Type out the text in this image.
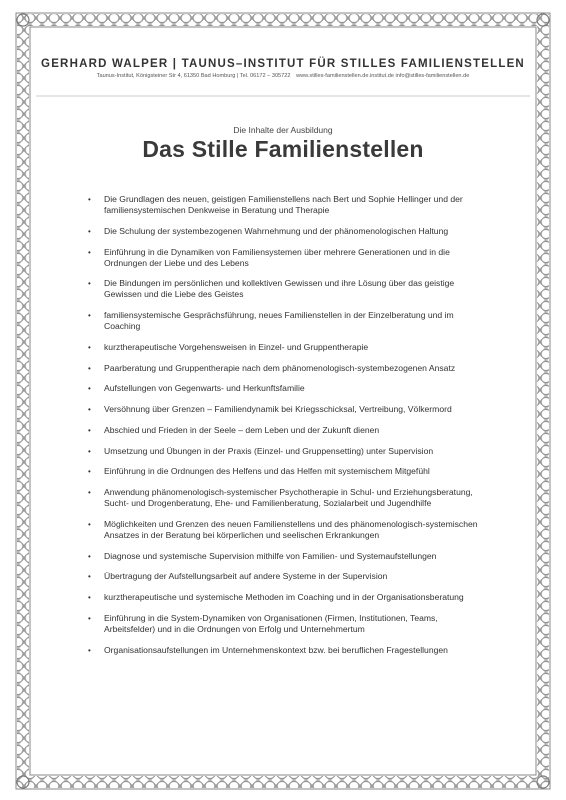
GERHARD WALPER | TAUNUS–INSTITUT FÜR STILLES FAMILIENSTELLEN
Taunus-Institut, Königsteiner Str 4, 61350 Bad Homburg | Tel. 06172 – 305722 www.stilles-familienstellen.de.institut.de info@stilles-familienstellen.de
Die Inhalte der Ausbildung
Das Stille Familienstellen
• Die Grundlagen des neuen, geistigen Familienstellens nach Bert und Sophie Hellinger und der familiensystemischen Denkweise in Beratung und Therapie
• Die Schulung der systembezogenen Wahrnehmung und der phänomenologischen Haltung
• Einführung in die Dynamiken von Familiensystemen über mehrere Generationen und in die Ordnungen der Liebe und des Lebens
• Die Bindungen im persönlichen und kollektiven Gewissen und ihre Lösung über das geistige Gewissen und die Liebe des Geistes
• familiensystemische Gesprächsführung, neues Familienstellen in der Einzelberatung und im Coaching
• kurztherapeutische Vorgehensweisen in Einzel- und Gruppentherapie
• Paarberatung und Gruppentherapie nach dem phänomenologisch-systembezogenen Ansatz
• Aufstellungen von Gegenwarts- und Herkunftsfamilie
• Versöhnung über Grenzen – Familiendynamik bei Kriegsschicksal, Vertreibung, Völkermord
• Abschied und Frieden in der Seele – dem Leben und der Zukunft dienen
• Umsetzung und Übungen in der Praxis (Einzel- und Gruppensetting) unter Supervision
• Einführung in die Ordnungen des Helfens und das Helfen mit systemischem Mitgefühl
• Anwendung phänomenologisch-systemischer Psychotherapie in Schul- und Erziehungsberatung, Sucht- und Drogenberatung, Ehe- und Familienberatung, Sozialarbeit und Jugendhilfe
• Möglichkeiten und Grenzen des neuen Familienstellens und des phänomenologisch-systemischen Ansatzes in der Beratung bei körperlichen und seelischen Erkrankungen
• Diagnose und systemische Supervision mithilfe von Familien- und Systemaufstellungen
• Übertragung der Aufstellungsarbeit auf andere Systeme in der Supervision
• kurztherapeutische und systemische Methoden im Coaching und in der Organisationsberatung
• Einführung in die System-Dynamiken von Organisationen (Firmen, Institutionen, Teams, Arbeitsfelder) und in die Ordnungen von Erfolg und Unternehmertum
• Organisationsaufstellungen im Unternehmenskontext bzw. bei beruflichen Fragestellungen
